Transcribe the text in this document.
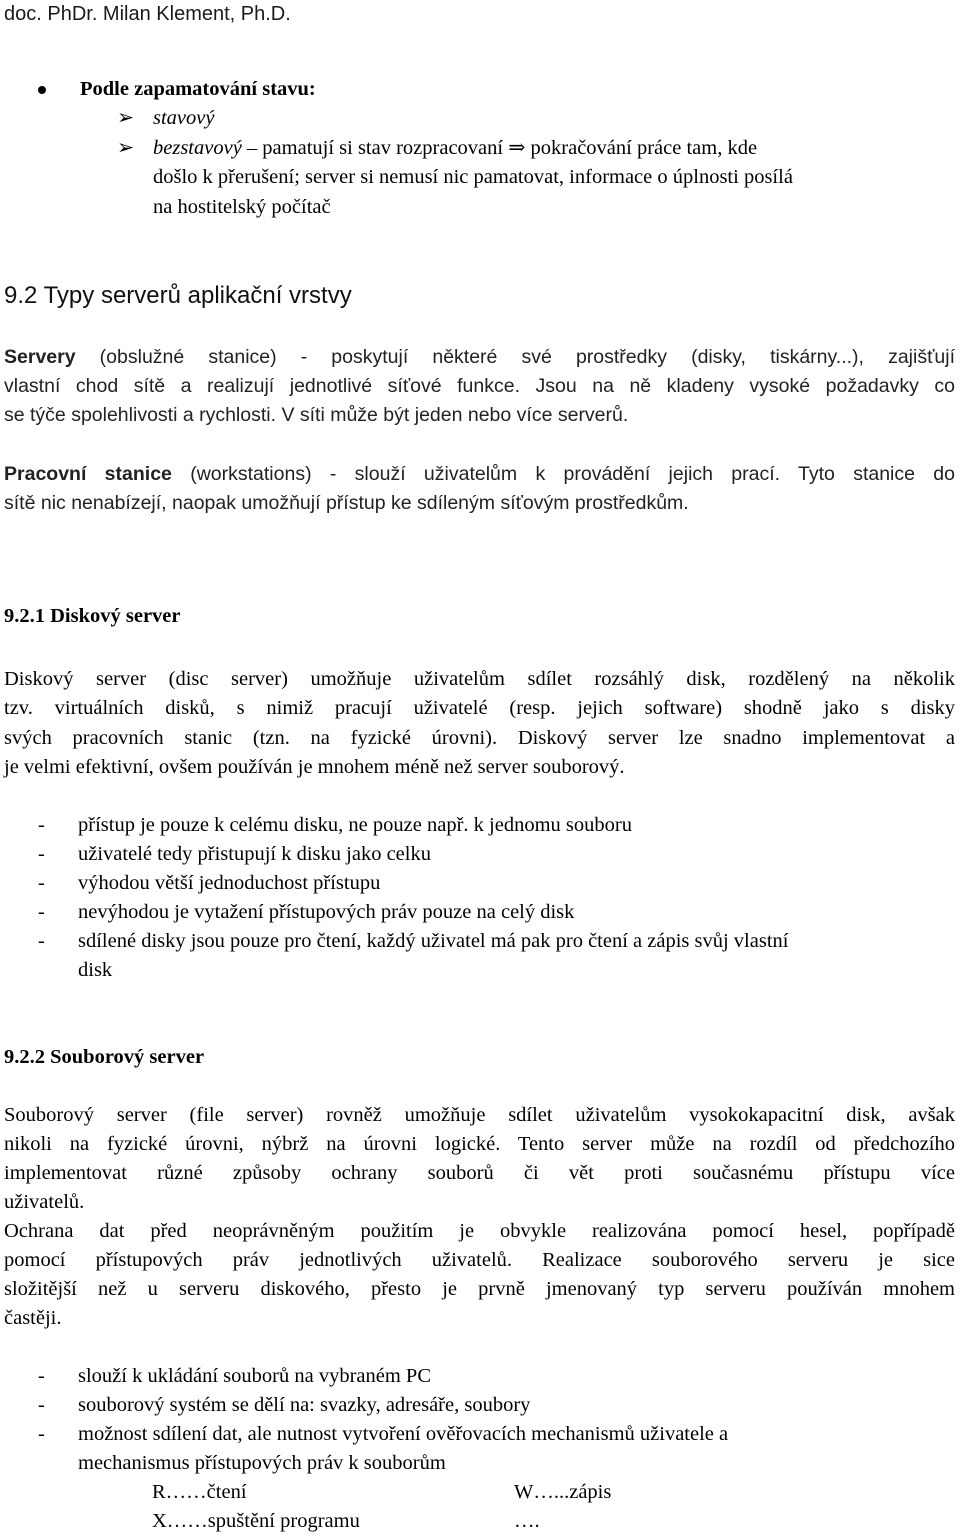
doc. PhDr. Milan Klement, Ph.D.
Podle zapamatování stavu:
➢ stavový
➢ bezstavový – pamatují si stav rozpracovaní ⇒ pokračování práce tam, kde
došlo k přerušení; server si nemusí nic pamatovat, informace o úplnosti posílá
na hostitelský počítač
9.2 Typy serverů aplikační vrstvy
Servery (obslužné stanice) - poskytují některé své prostředky (disky, tiskárny...), zajišťují
vlastní chod sítě a realizují jednotlivé síťové funkce. Jsou na ně kladeny vysoké požadavky co
se týče spolehlivosti a rychlosti. V síti může být jeden nebo více serverů.
Pracovní stanice (workstations) - slouží uživatelům k provádění jejich prací. Tyto stanice do
sítě nic nenabízejí, naopak umožňují přístup ke sdíleným síťovým prostředkům.
9.2.1 Diskový server
Diskový server (disc server) umožňuje uživatelům sdílet rozsáhlý disk, rozdělený na několik
tzv. virtuálních disků, s nimiž pracují uživatelé (resp. jejich software) shodně jako s disky
svých pracovních stanic (tzn. na fyzické úrovni). Diskový server lze snadno implementovat a
je velmi efektivní, ovšem používán je mnohem méně než server souborový.
- přístup je pouze k celému disku, ne pouze např. k jednomu souboru
- uživatelé tedy přistupují k disku jako celku
- výhodou větší jednoduchost přístupu
- nevýhodou je vytažení přístupových práv pouze na celý disk
- sdílené disky jsou pouze pro čtení, každý uživatel má pak pro čtení a zápis svůj vlastní
disk
9.2.2 Souborový server
Souborový server (file server) rovněž umožňuje sdílet uživatelům vysokokapacitní disk, avšak
nikoli na fyzické úrovni, nýbrž na úrovni logické. Tento server může na rozdíl od předchozího
implementovat různé způsoby ochrany souborů či vět proti současnému přístupu více
uživatelů.
Ochrana dat před neoprávněným použitím je obvykle realizována pomocí hesel, popřípadě
pomocí přístupových práv jednotlivých uživatelů. Realizace souborového serveru je sice
složitější než u serveru diskového, přesto je prvně jmenovaný typ serveru používán mnohem
častěji.
- slouží k ukládání souborů na vybraném PC
- souborový systém se dělí na: svazky, adresáře, soubory
- možnost sdílení dat, ale nutnost vytvoření ověřovacích mechanismů uživatele a
mechanismus přístupových práv k souborům
R……čtení	W…...zápis
X……spuštění programu	….
